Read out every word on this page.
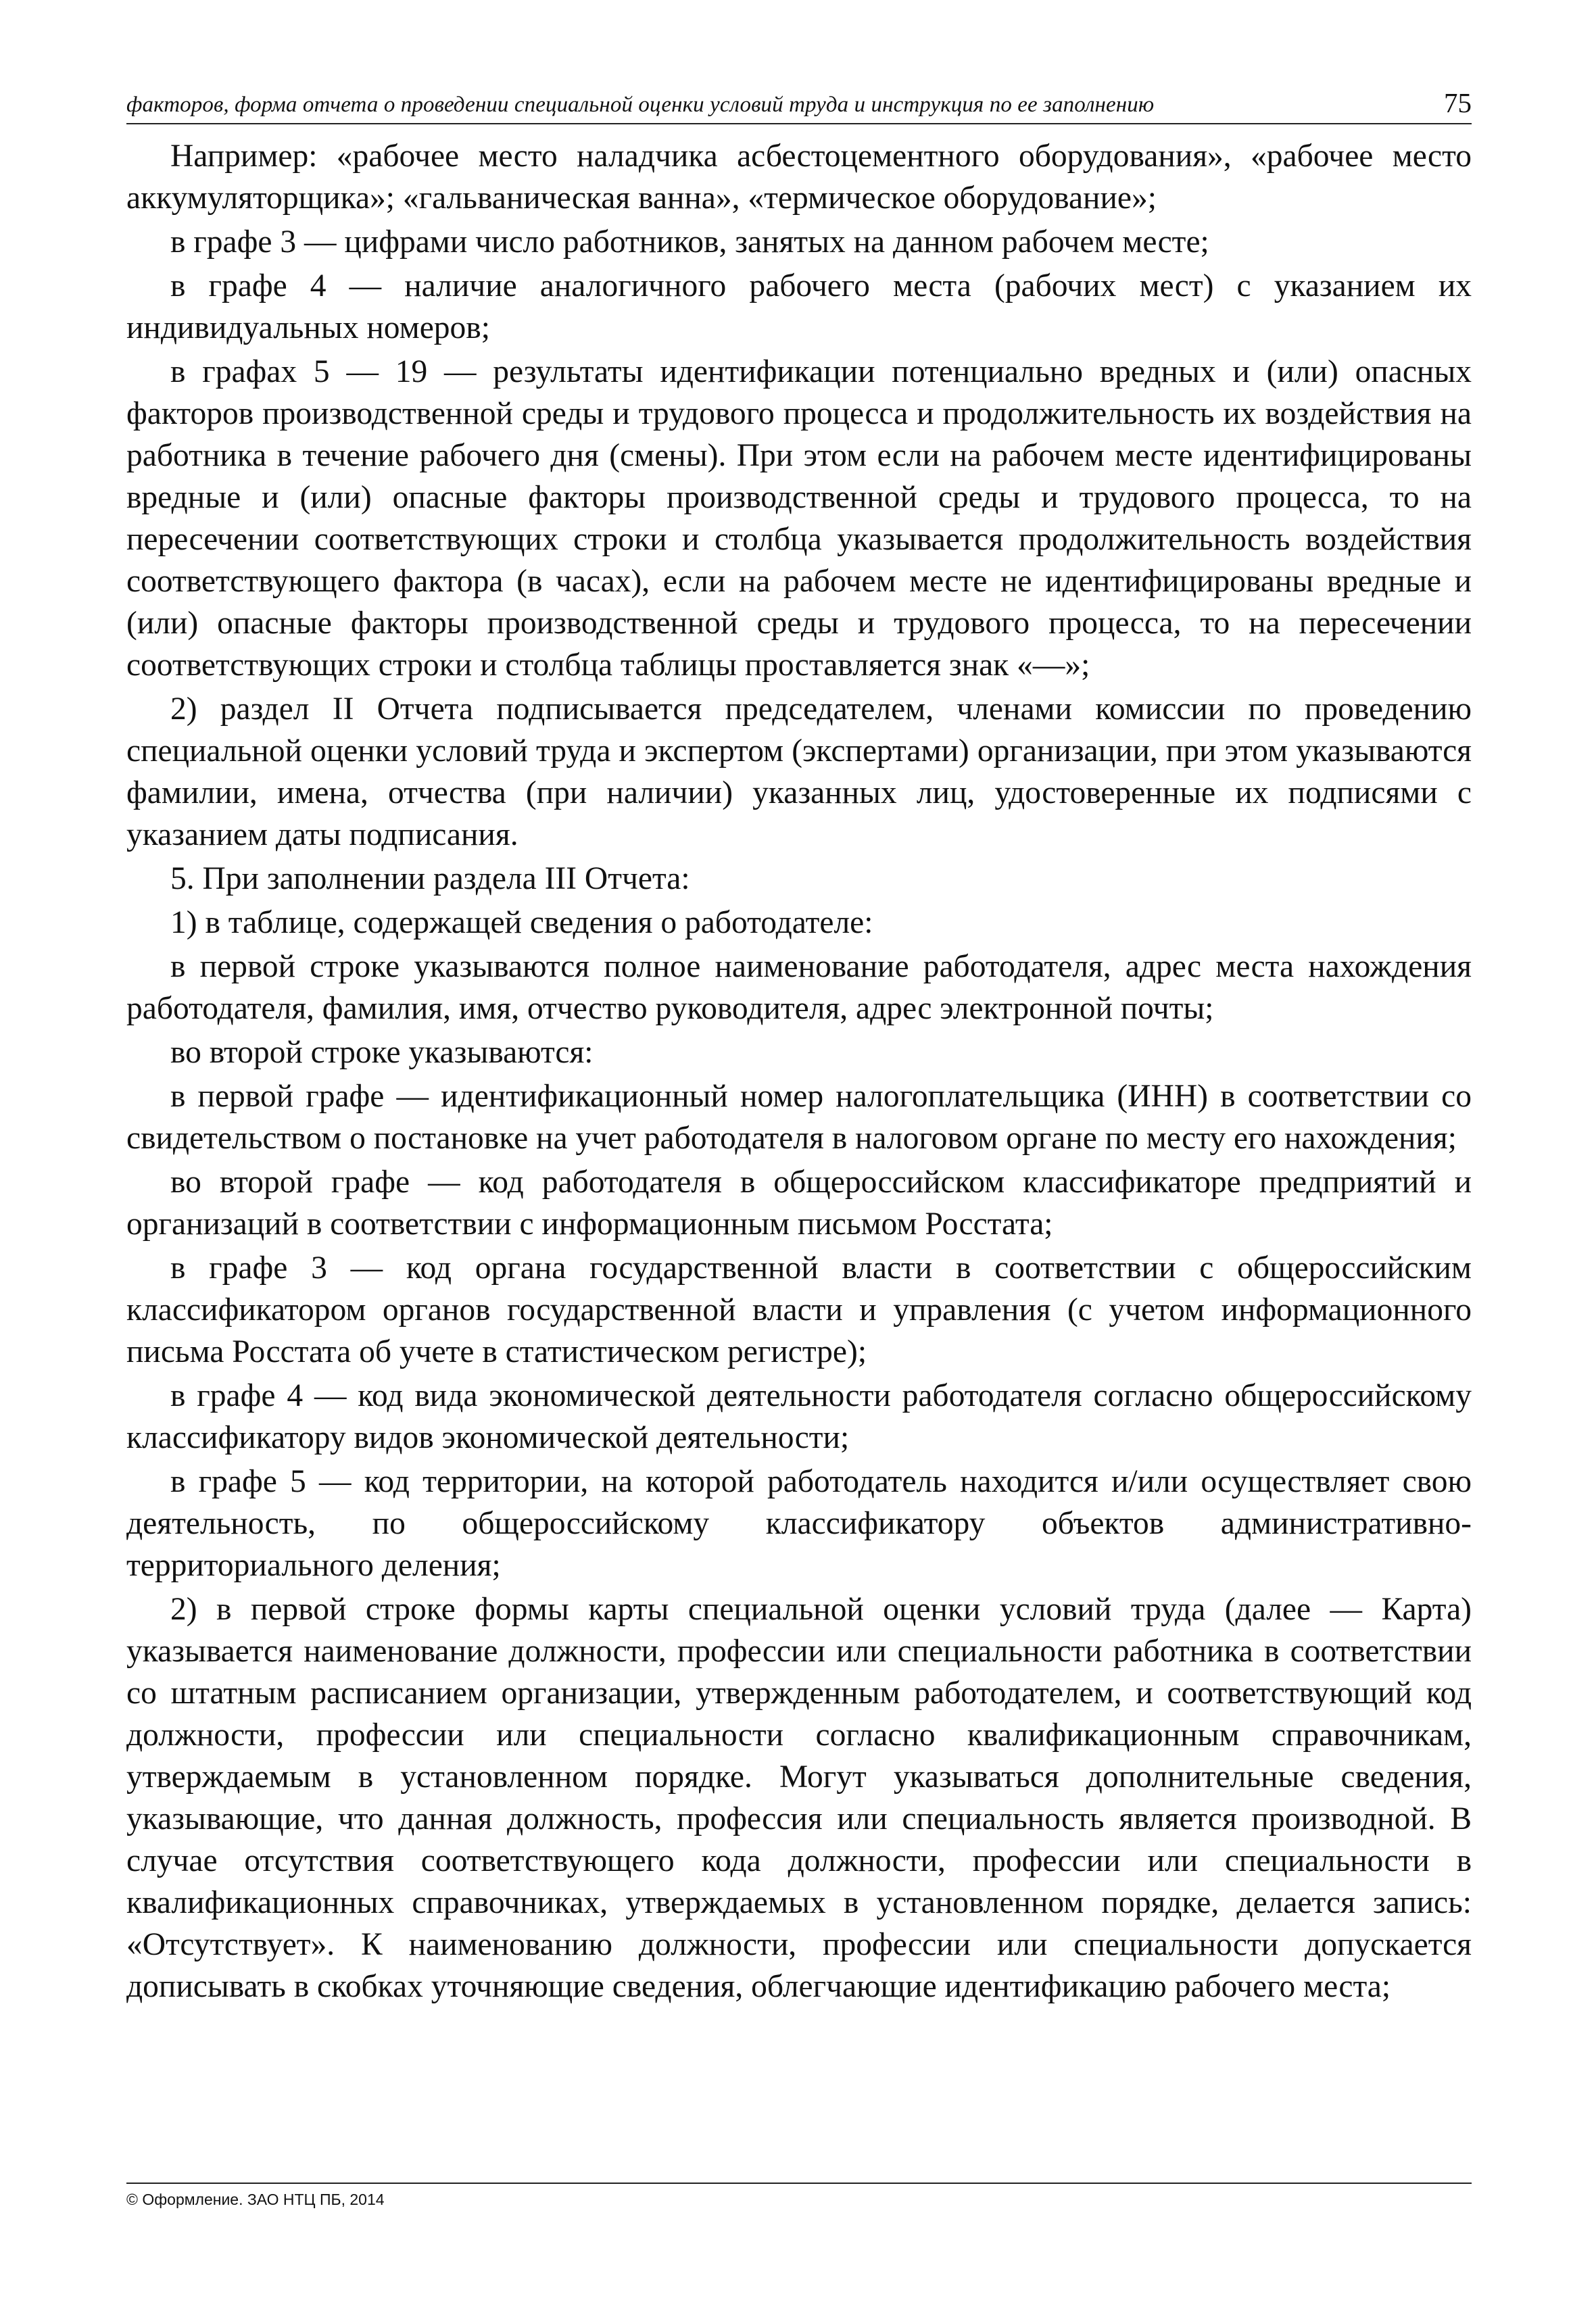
факторов, форма отчета о проведении специальной оценки условий труда и инструкция по ее заполнению	75

Например: «рабочее место наладчика асбестоцементного оборудования», «рабочее место аккумуляторщика»; «гальваническая ванна», «термическое оборудование»;

в графе 3 — цифрами число работников, занятых на данном рабочем месте;

в графе 4 — наличие аналогичного рабочего места (рабочих мест) с указанием их индивидуальных номеров;

в графах 5 — 19 — результаты идентификации потенциально вредных и (или) опасных факторов производственной среды и трудового процесса и продолжительность их воздействия на работника в течение рабочего дня (смены). При этом если на рабочем месте идентифицированы вредные и (или) опасные факторы производственной среды и трудового процесса, то на пересечении соответствующих строки и столбца указывается продолжительность воздействия соответствующего фактора (в часах), если на рабочем месте не идентифицированы вредные и (или) опасные факторы производственной среды и трудового процесса, то на пересечении соответствующих строки и столбца таблицы проставляется знак «—»;

2) раздел II Отчета подписывается председателем, членами комиссии по проведению специальной оценки условий труда и экспертом (экспертами) организации, при этом указываются фамилии, имена, отчества (при наличии) указанных лиц, удостоверенные их подписями с указанием даты подписания.

5. При заполнении раздела III Отчета:

1) в таблице, содержащей сведения о работодателе:

в первой строке указываются полное наименование работодателя, адрес места нахождения работодателя, фамилия, имя, отчество руководителя, адрес электронной почты;

во второй строке указываются:

в первой графе — идентификационный номер налогоплательщика (ИНН) в соответствии со свидетельством о постановке на учет работодателя в налоговом органе по месту его нахождения;

во второй графе — код работодателя в общероссийском классификаторе предприятий и организаций в соответствии с информационным письмом Росстата;

в графе 3 — код органа государственной власти в соответствии с общероссийским классификатором органов государственной власти и управления (с учетом информационного письма Росстата об учете в статистическом регистре);

в графе 4 — код вида экономической деятельности работодателя согласно общероссийскому классификатору видов экономической деятельности;

в графе 5 — код территории, на которой работодатель находится и/или осуществляет свою деятельность, по общероссийскому классификатору объектов административно-территориального деления;

2) в первой строке формы карты специальной оценки условий труда (далее — Карта) указывается наименование должности, профессии или специальности работника в соответствии со штатным расписанием организации, утвержденным работодателем, и соответствующий код должности, профессии или специальности согласно квалификационным справочникам, утверждаемым в установленном порядке. Могут указываться дополнительные сведения, указывающие, что данная должность, профессия или специальность является производной. В случае отсутствия соответствующего кода должности, профессии или специальности в квалификационных справочниках, утверждаемых в установленном порядке, делается запись: «Отсутствует». К наименованию должности, профессии или специальности допускается дописывать в скобках уточняющие сведения, облегчающие идентификацию рабочего места;

© Оформление. ЗАО НТЦ ПБ, 2014
